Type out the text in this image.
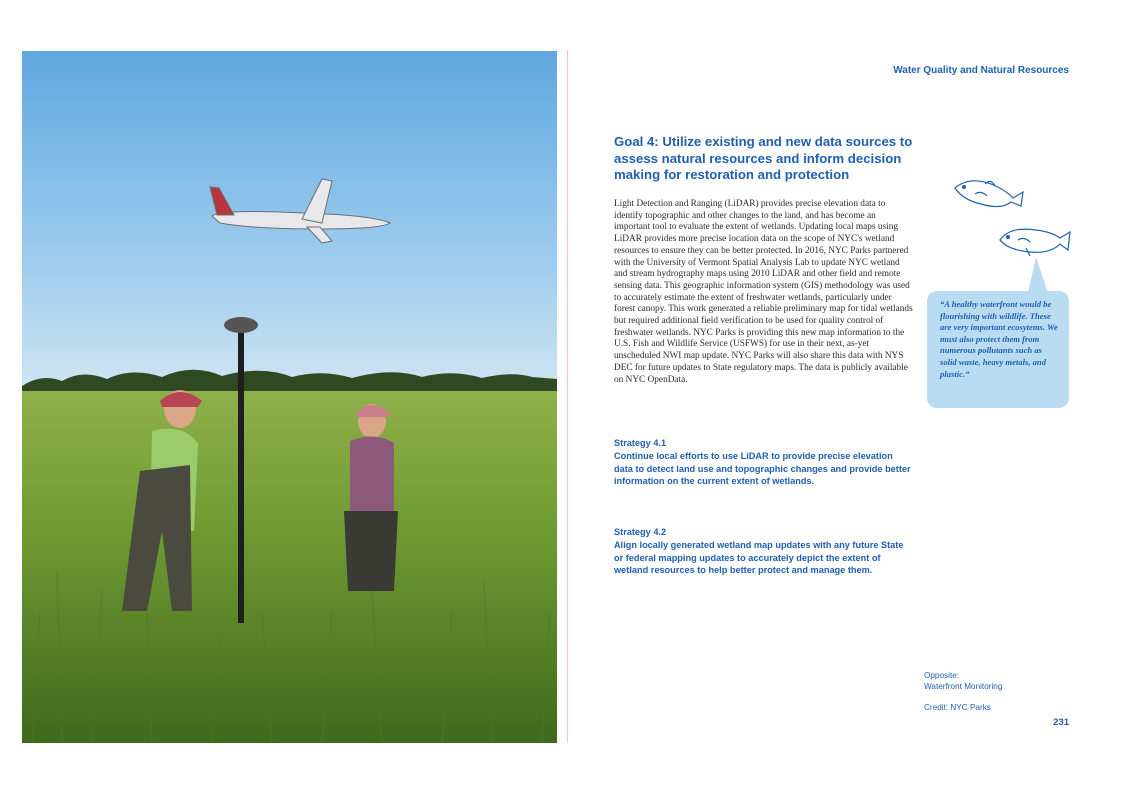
Water Quality and Natural Resources
Goal 4: Utilize existing and new data sources to assess natural resources and inform decision making for restoration and protection

Light Detection and Ranging (LiDAR) provides precise elevation data to identify topographic and other changes to the land, and has become an important tool to evaluate the extent of wetlands. Updating local maps using LiDAR provides more precise location data on the scope of NYC's wetland resources to ensure they can be better protected. In 2016, NYC Parks partnered with the University of Vermont Spatial Analysis Lab to update NYC wetland and stream hydrography maps using 2010 LiDAR and other field and remote sensing data. This geographic information system (GIS) methodology was used to accurately estimate the extent of freshwater wetlands, particularly under forest canopy. This work generated a reliable preliminary map for tidal wetlands but required additional field verification to be used for quality control of freshwater wetlands. NYC Parks is providing this new map information to the U.S. Fish and Wildlife Service (USFWS) for use in their next, as-yet unscheduled NWI map update. NYC Parks will also share this data with NYS DEC for future updates to State regulatory maps. The data is publicly available on NYC OpenData.

Strategy 4.1
Continue local efforts to use LiDAR to provide precise elevation data to detect land use and topographic changes and provide better information on the current extent of wetlands.
Strategy 4.2
Align locally generated wetland map updates with any future State or federal mapping updates to accurately depict the extent of wetland resources to help better protect and manage them.

“A healthy waterfront would be flourishing with wildlife. These are very important ecosytems. We must also protect them from numerous pollutants such as solid waste, heavy metals, and plastic.”

Opposite:
Waterfront Monitoring
Credit: NYC Parks
231
